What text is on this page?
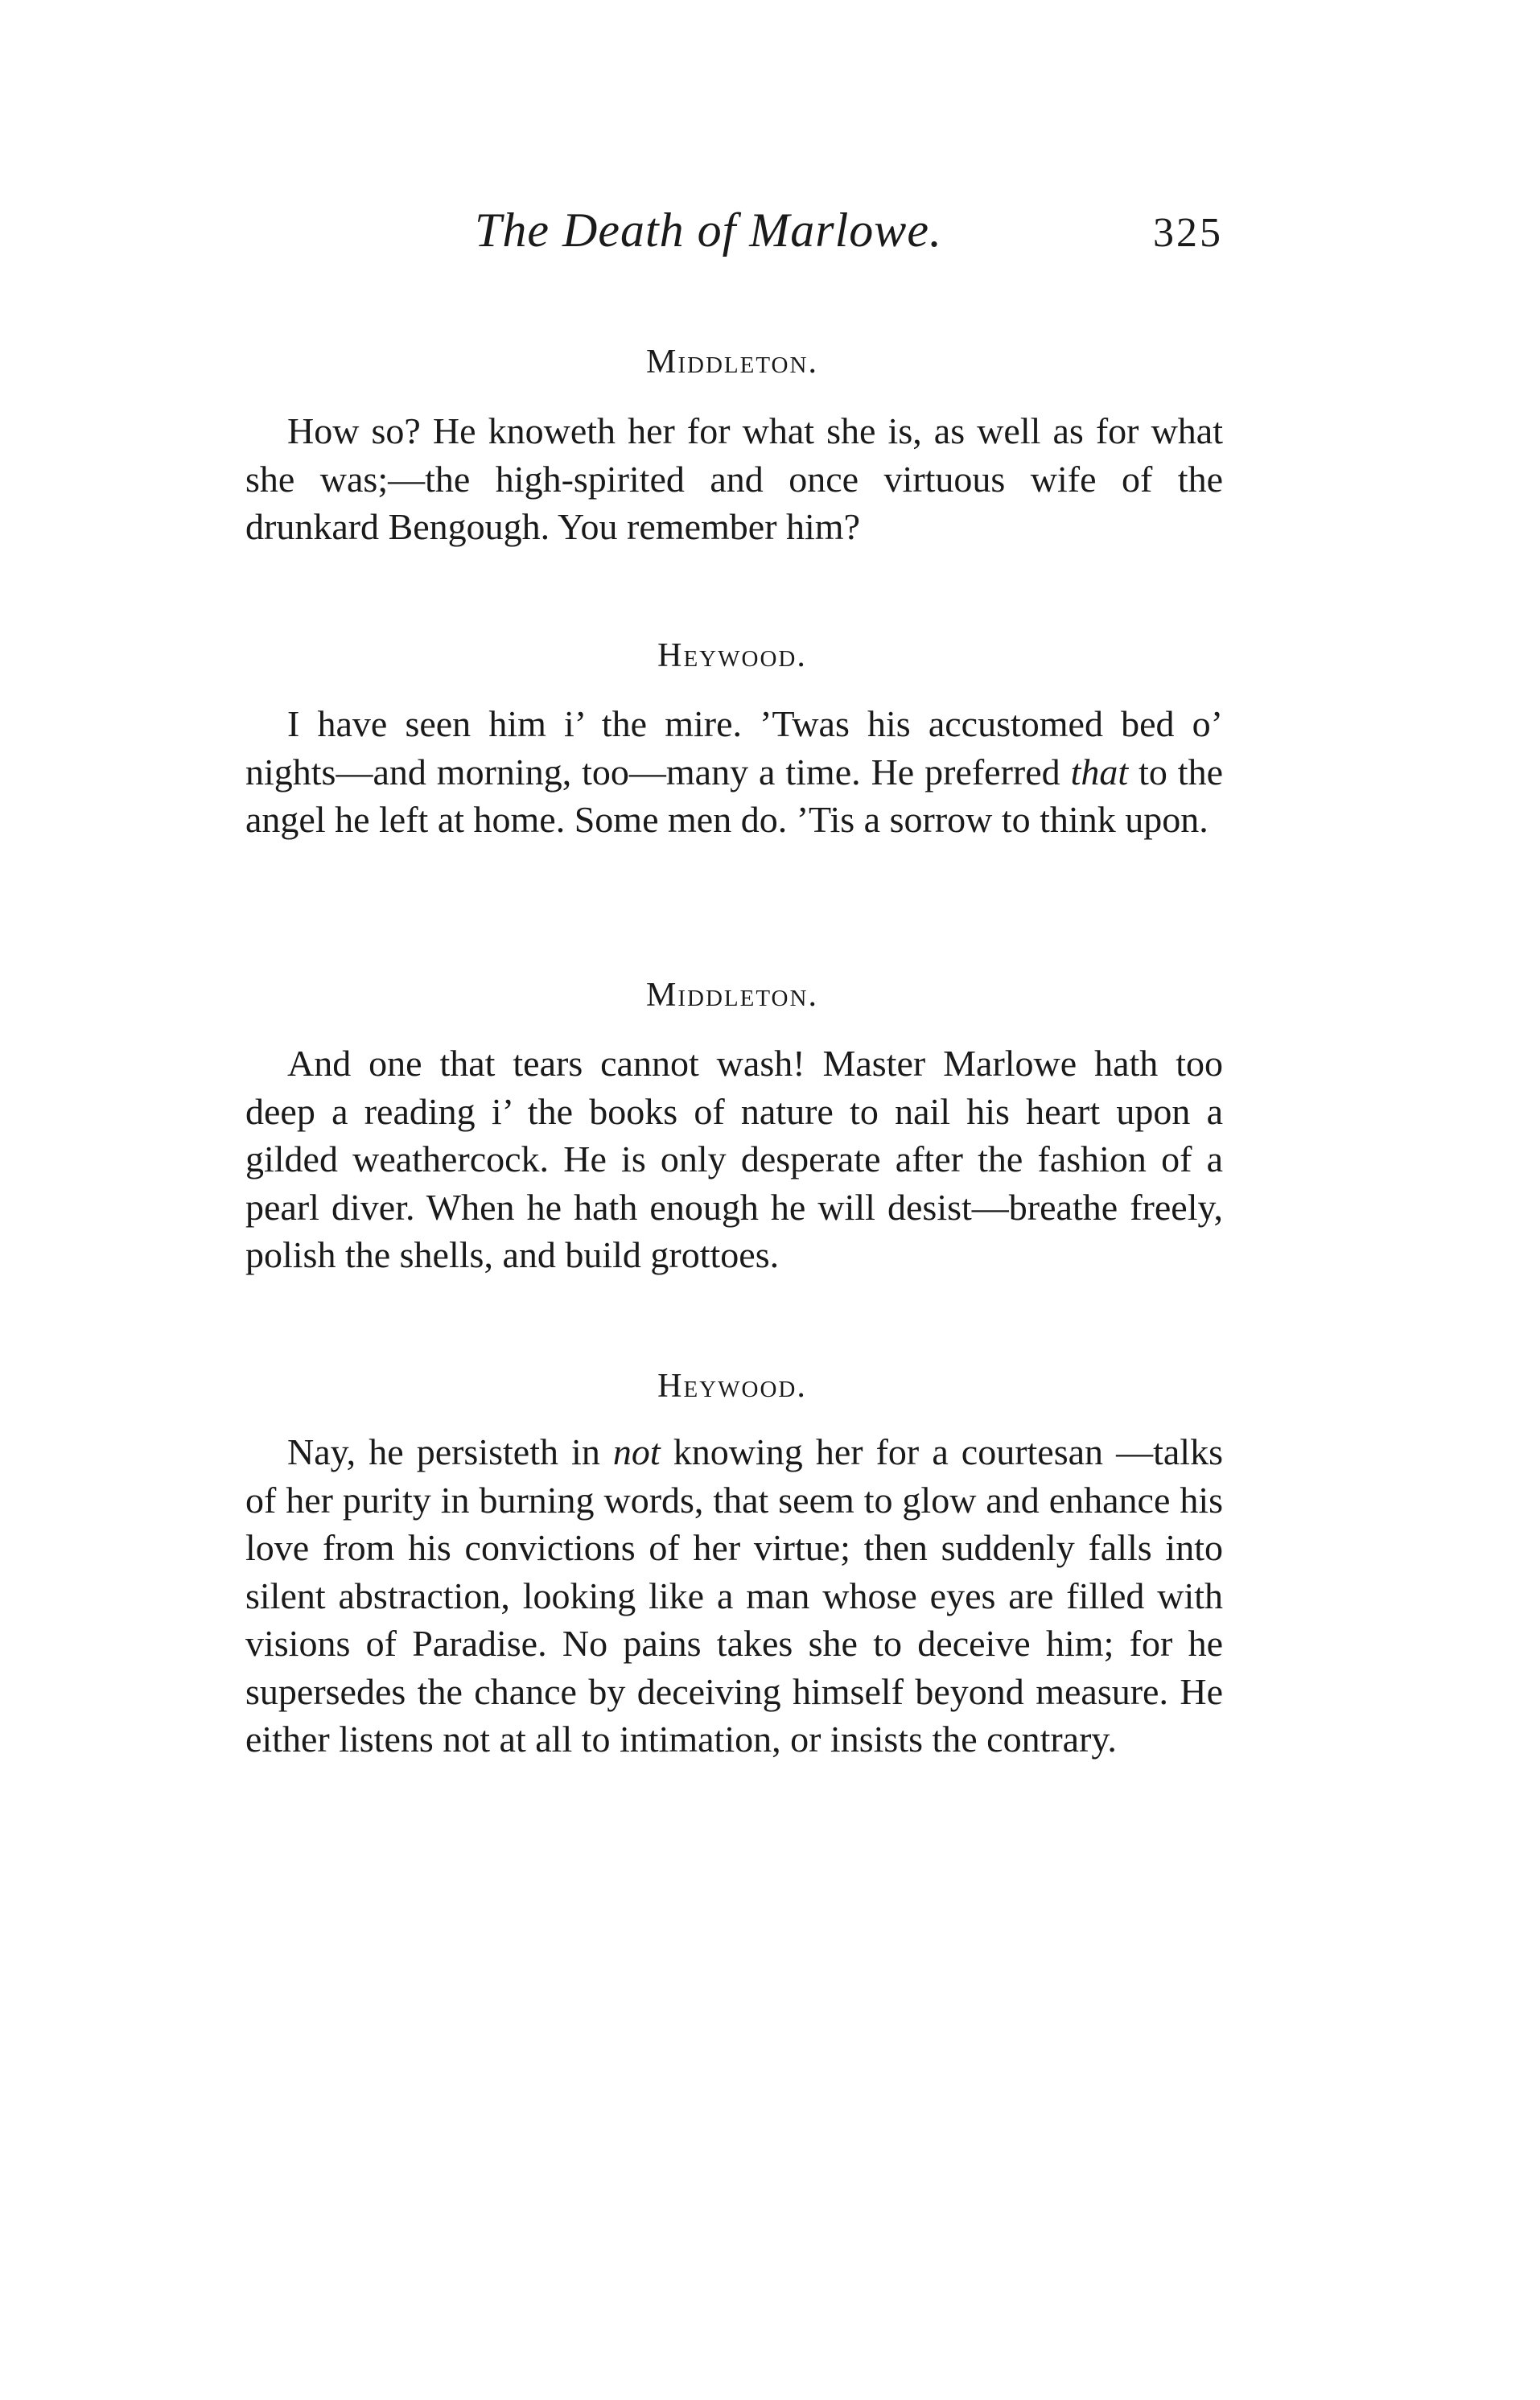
The Death of Marlowe.	325
Middleton.

How so? He knoweth her for what she is, as well as for what she was;—the high-spirited and once virtuous wife of the drunkard Bengough. You remember him?

Heywood.

I have seen him i’ the mire. ’Twas his accustomed bed o’ nights—and morning, too—many a time. He preferred that to the angel he left at home. Some men do. ’Tis a sorrow to think upon.

Middleton.

And one that tears cannot wash! Master Marlowe hath too deep a reading i’ the books of nature to nail his heart upon a gilded weathercock. He is only desperate after the fashion of a pearl diver. When he hath enough he will desist—breathe freely, polish the shells, and build grottoes.

Heywood.

Nay, he persisteth in not knowing her for a courtesan —talks of her purity in burning words, that seem to glow and enhance his love from his convictions of her virtue; then suddenly falls into silent abstraction, looking like a man whose eyes are filled with visions of Paradise. No pains takes she to deceive him; for he supersedes the chance by deceiving himself beyond measure. He either listens not at all to intimation, or insists the contrary.
